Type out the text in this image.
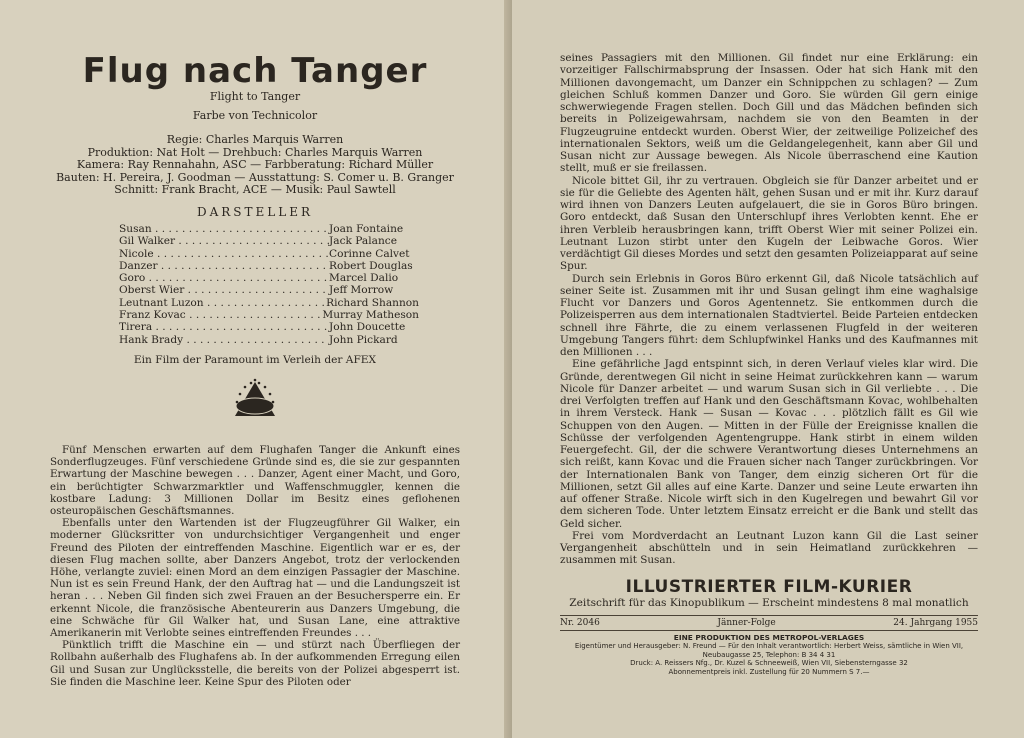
Flug nach Tanger
Flight to Tanger
Farbe von Technicolor
Regie: Charles Marquis Warren
Produktion: Nat Holt — Drehbuch: Charles Marquis Warren
Kamera: Ray Rennahahn, ASC — Farbberatung: Richard Müller
Bauten: H. Pereira, J. Goodman — Ausstattung: S. Comer u. B. Granger
Schnitt: Frank Bracht, ACE — Musik: Paul Sawtell
DARSTELLER
Susan . . .	Joan Fontaine
Gil Walker . . .	Jack Palance
Nicole . . .	Corinne Calvet
Danzer . . .	Robert Douglas
Goro . . .	Marcel Dalio
Oberst Wier . . .	Jeff Morrow
Leutnant Luzon . . .	Richard Shannon
Franz Kovac . . .	Murray Matheson
Tirera . . .	John Doucette
Hank Brady . . .	John Pickard
Ein Film der Paramount im Verleih der AFEX

Fünf Menschen erwarten auf dem Flughafen Tanger die Ankunft eines Sonderflugzeuges. Fünf verschiedene Gründe sind es, die sie zur gespannten Erwartung der Maschine bewegen . . . Danzer, Agent einer Macht, und Goro, ein berüchtigter Schwarzmarktler und Waffenschmuggler, kennen die kostbare Ladung: 3 Millionen Dollar im Besitz eines geflohenen osteuropäischen Geschäftsmannes.

Ebenfalls unter den Wartenden ist der Flugzeugführer Gil Walker, ein moderner Glücksritter von undurchsichtiger Vergangenheit und enger Freund des Piloten der eintreffenden Maschine. Eigentlich war er es, der diesen Flug machen sollte, aber Danzers Angebot, trotz der verlockenden Höhe, verlangte zuviel: einen Mord an dem einzigen Passagier der Maschine. Nun ist es sein Freund Hank, der den Auftrag hat — und die Landungszeit ist heran . . . Neben Gil finden sich zwei Frauen an der Besuchersperre ein. Er erkennt Nicole, die französische Abenteurerin aus Danzers Umgebung, die eine Schwäche für Gil Walker hat, und Susan Lane, eine attraktive Amerikanerin mit Verlobte seines eintreffenden Freundes . . .

Pünktlich trifft die Maschine ein — und stürzt nach Überfliegen der Rollbahn außerhalb des Flughafens ab. In der aufkommenden Erregung eilen Gil und Susan zur Unglücksstelle, die bereits von der Polizei abgesperrt ist. Sie finden die Maschine leer. Keine Spur des Piloten oder

seines Passagiers mit den Millionen. Gil findet nur eine Erklärung: ein vorzeitiger Fallschirmabsprung der Insassen. Oder hat sich Hank mit den Millionen davongemacht, um Danzer ein Schnippchen zu schlagen? — Zum gleichen Schluß kommen Danzer und Goro. Sie würden Gil gern einige schwerwiegende Fragen stellen. Doch Gill und das Mädchen befinden sich bereits in Polizeigewahrsam, nachdem sie von den Beamten in der Flugzeugruine entdeckt wurden. Oberst Wier, der zeitweilige Polizeichef des internationalen Sektors, weiß um die Geldangelegenheit, kann aber Gil und Susan nicht zur Aussage bewegen. Als Nicole überraschend eine Kaution stellt, muß er sie freilassen.

Nicole bittet Gil, ihr zu vertrauen. Obgleich sie für Danzer arbeitet und er sie für die Geliebte des Agenten hält, gehen Susan und er mit ihr. Kurz darauf wird ihnen von Danzers Leuten aufgelauert, die sie in Goros Büro bringen. Goro entdeckt, daß Susan den Unterschlupf ihres Verlobten kennt. Ehe er ihren Verbleib herausbringen kann, trifft Oberst Wier mit seiner Polizei ein. Leutnant Luzon stirbt unter den Kugeln der Leibwache Goros. Wier verdächtigt Gil dieses Mordes und setzt den gesamten Polizeiapparat auf seine Spur.

Durch sein Erlebnis in Goros Büro erkennt Gil, daß Nicole tatsächlich auf seiner Seite ist. Zusammen mit ihr und Susan gelingt ihm eine waghalsige Flucht vor Danzers und Goros Agentennetz. Sie entkommen durch die Polizeisperren aus dem internationalen Stadtviertel. Beide Parteien entdecken schnell ihre Fährte, die zu einem verlassenen Flugfeld in der weiteren Umgebung Tangers führt: dem Schlupfwinkel Hanks und des Kaufmannes mit den Millionen . . .

Eine gefährliche Jagd entspinnt sich, in deren Verlauf vieles klar wird. Die Gründe, derentwegen Gil nicht in seine Heimat zurückkehren kann — warum Nicole für Danzer arbeitet — und warum Susan sich in Gil verliebte . . . Die drei Verfolgten treffen auf Hank und den Geschäftsmann Kovac, wohlbehalten in ihrem Versteck. Hank — Susan — Kovac . . . plötzlich fällt es Gil wie Schuppen von den Augen. — Mitten in der Fülle der Ereignisse knallen die Schüsse der verfolgenden Agentengruppe. Hank stirbt in einem wilden Feuergefecht. Gil, der die schwere Verantwortung dieses Unternehmens an sich reißt, kann Kovac und die Frauen sicher nach Tanger zurückbringen. Vor der Internationalen Bank von Tanger, dem einzig sicheren Ort für die Millionen, setzt Gil alles auf eine Karte. Danzer und seine Leute erwarten ihn auf offener Straße. Nicole wirft sich in den Kugelregen und bewahrt Gil vor dem sicheren Tode. Unter letztem Einsatz erreicht er die Bank und stellt das Geld sicher.

Frei vom Mordverdacht an Leutnant Luzon kann Gil die Last seiner Vergangenheit abschütteln und in sein Heimatland zurückkehren — zusammen mit Susan.

ILLUSTRIERTER FILM-KURIER
Zeitschrift für das Kinopublikum — Erscheint mindestens 8 mal monatlich
Nr. 2046	Jänner-Folge	24. Jahrgang 1955
EINE PRODUKTION DES METROPOL-VERLAGES
Eigentümer und Herausgeber: N. Freund — Für den Inhalt verantwortlich: Herbert Weiss, sämtliche in Wien VII, Neubaugasse 25, Telephon: B 34 4 31
Druck: A. Reissers Nfg., Dr. Kuzel & Schneeweiß, Wien VII, Siebensterngasse 32
Abonnementpreis inkl. Zustellung für 20 Nummern S 7.—
